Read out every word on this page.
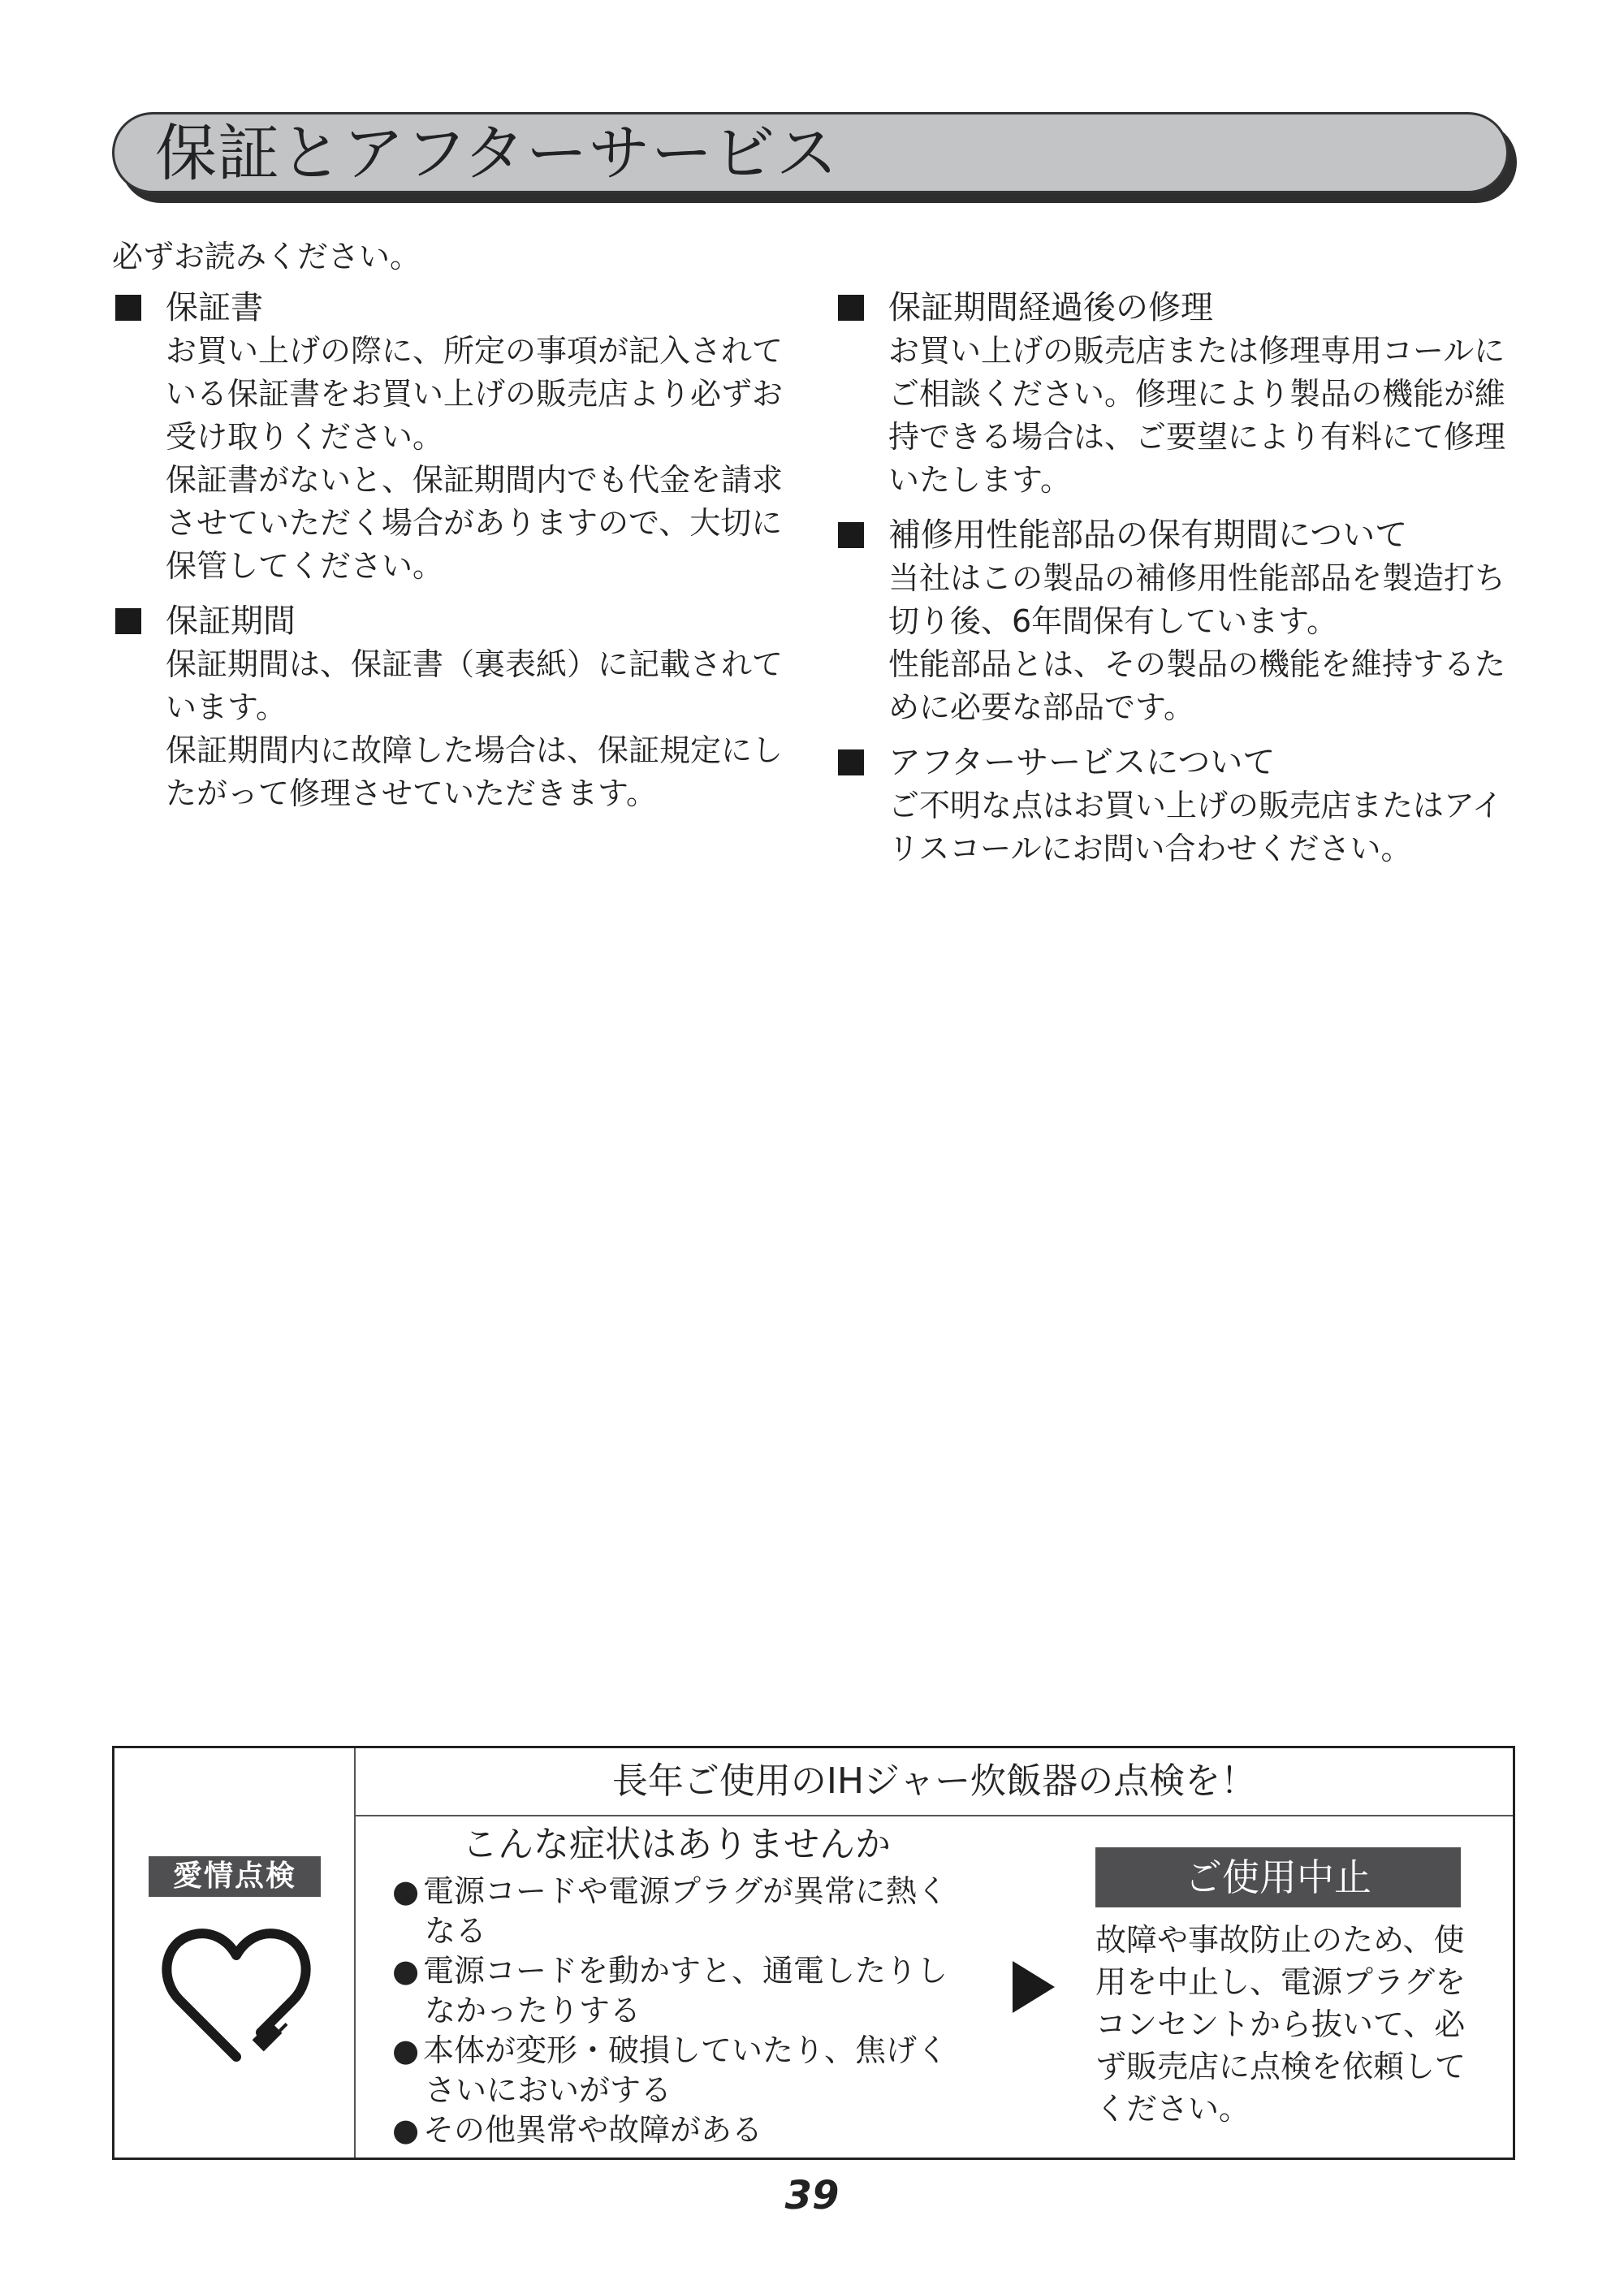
保証とアフターサービス
必ずお読みください。
保証書
お買い上げの際に、所定の事項が記入されて
いる保証書をお買い上げの販売店より必ずお
受け取りください。
保証書がないと、保証期間内でも代金を請求
させていただく場合がありますので、大切に
保管してください。
保証期間
保証期間は、保証書（裏表紙）に記載されて
います。
保証期間内に故障した場合は、保証規定にし
たがって修理させていただきます。
保証期間経過後の修理
お買い上げの販売店または修理専用コールに
ご相談ください。修理により製品の機能が維
持できる場合は、ご要望により有料にて修理
いたします。
補修用性能部品の保有期間について
当社はこの製品の補修用性能部品を製造打ち
切り後、6年間保有しています。
性能部品とは、その製品の機能を維持するた
めに必要な部品です。
アフターサービスについて
ご不明な点はお買い上げの販売店またはアイ
リスコールにお問い合わせください。
愛情点検
長年ご使用のIHジャー炊飯器の点検を！
こんな症状はありませんか
● 電源コードや電源プラグが異常に熱く
なる
● 電源コードを動かすと、通電したりし
なかったりする
● 本体が変形・破損していたり、焦げく
さいにおいがする
● その他異常や故障がある
ご使用中止
故障や事故防止のため、使
用を中止し、電源プラグを
コンセントから抜いて、必
ず販売店に点検を依頼して
ください。
39
